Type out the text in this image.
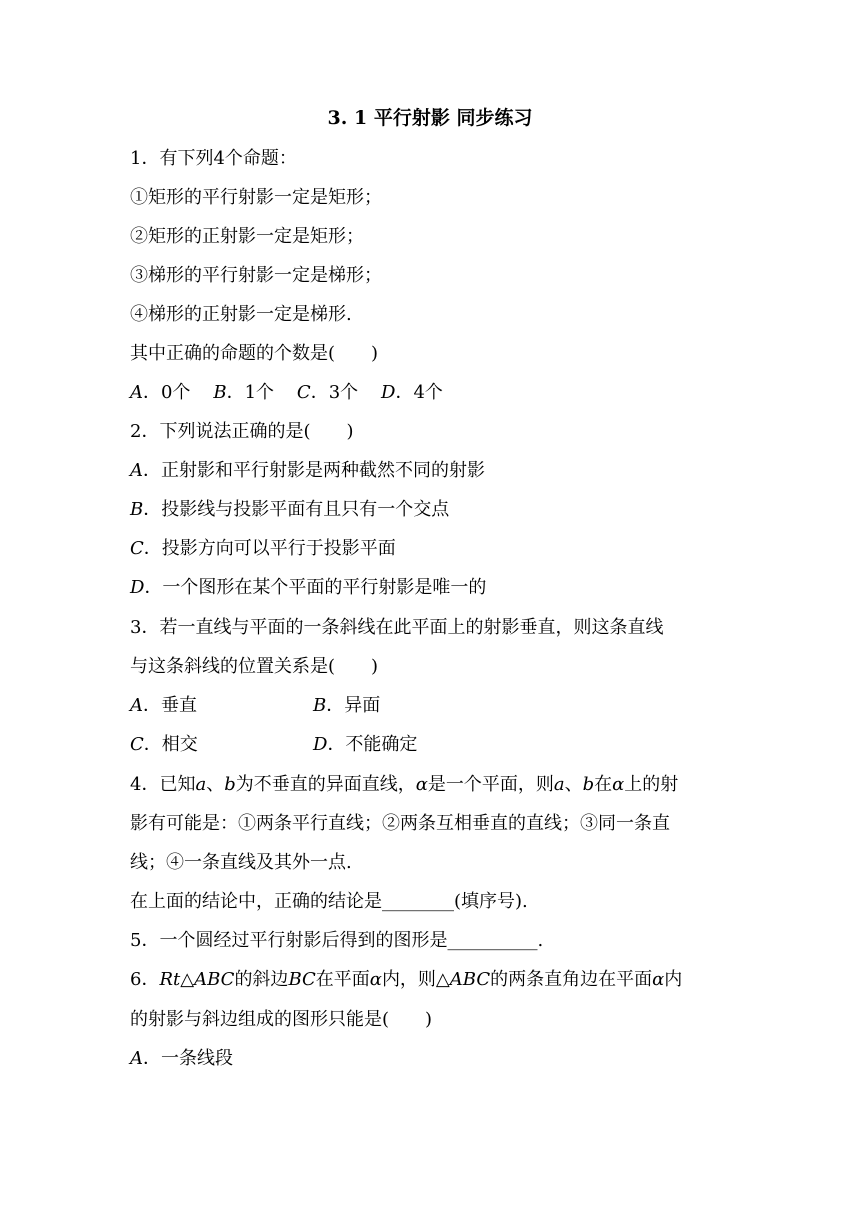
3. 1 平行射影 同步练习
1．有下列4个命题：
①矩形的平行射影一定是矩形；
②矩形的正射影一定是矩形；
③梯形的平行射影一定是梯形；
④梯形的正射影一定是梯形.
其中正确的命题的个数是(　　)
A．0个 B．1个 C．3个 D．4个
2．下列说法正确的是(　　)
A．正射影和平行射影是两种截然不同的射影
B．投影线与投影平面有且只有一个交点
C．投影方向可以平行于投影平面
D．一个图形在某个平面的平行射影是唯一的
3．若一直线与平面的一条斜线在此平面上的射影垂直，则这条直线
与这条斜线的位置关系是(　　)
A．垂直	B．异面
C．相交	D．不能确定
4．已知a、b为不垂直的异面直线，α是一个平面，则a、b在α上的射
影有可能是：①两条平行直线；②两条互相垂直的直线；③同一条直
线；④一条直线及其外一点.
在上面的结论中，正确的结论是________(填序号).
5．一个圆经过平行射影后得到的图形是__________.
6．Rt△ABC的斜边BC在平面α内，则△ABC的两条直角边在平面α内
的射影与斜边组成的图形只能是(　　)
A．一条线段
